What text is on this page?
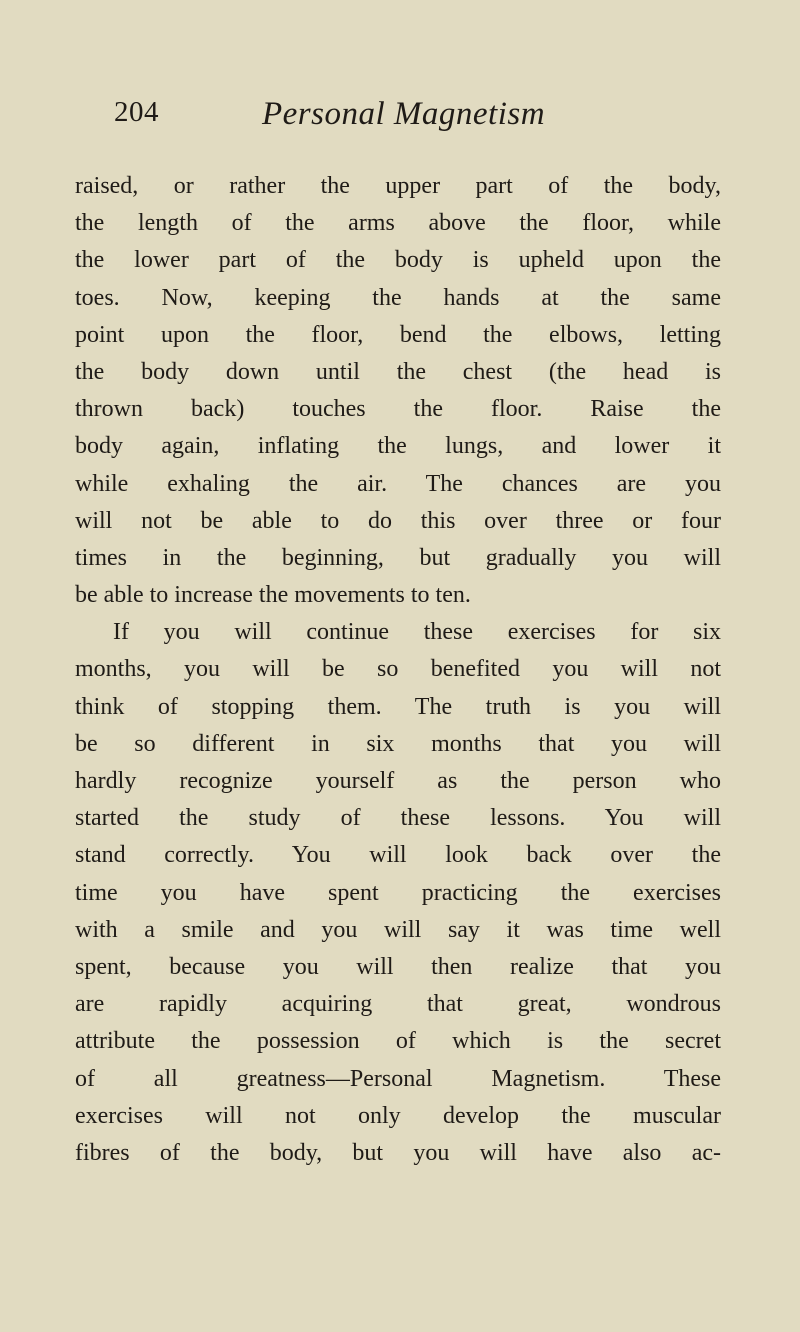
204	Personal Magnetism
raised, or rather the upper part of the body,
the length of the arms above the floor, while
the lower part of the body is upheld upon the
toes. Now, keeping the hands at the same
point upon the floor, bend the elbows, letting
the body down until the chest (the head is
thrown back) touches the floor. Raise the
body again, inflating the lungs, and lower it
while exhaling the air. The chances are you
will not be able to do this over three or four
times in the beginning, but gradually you will
be able to increase the movements to ten.
If you will continue these exercises for six
months, you will be so benefited you will not
think of stopping them. The truth is you will
be so different in six months that you will
hardly recognize yourself as the person who
started the study of these lessons. You will
stand correctly. You will look back over the
time you have spent practicing the exercises
with a smile and you will say it was time well
spent, because you will then realize that you
are rapidly acquiring that great, wondrous
attribute the possession of which is the secret
of all greatness—Personal Magnetism. These
exercises will not only develop the muscular
fibres of the body, but you will have also ac-
